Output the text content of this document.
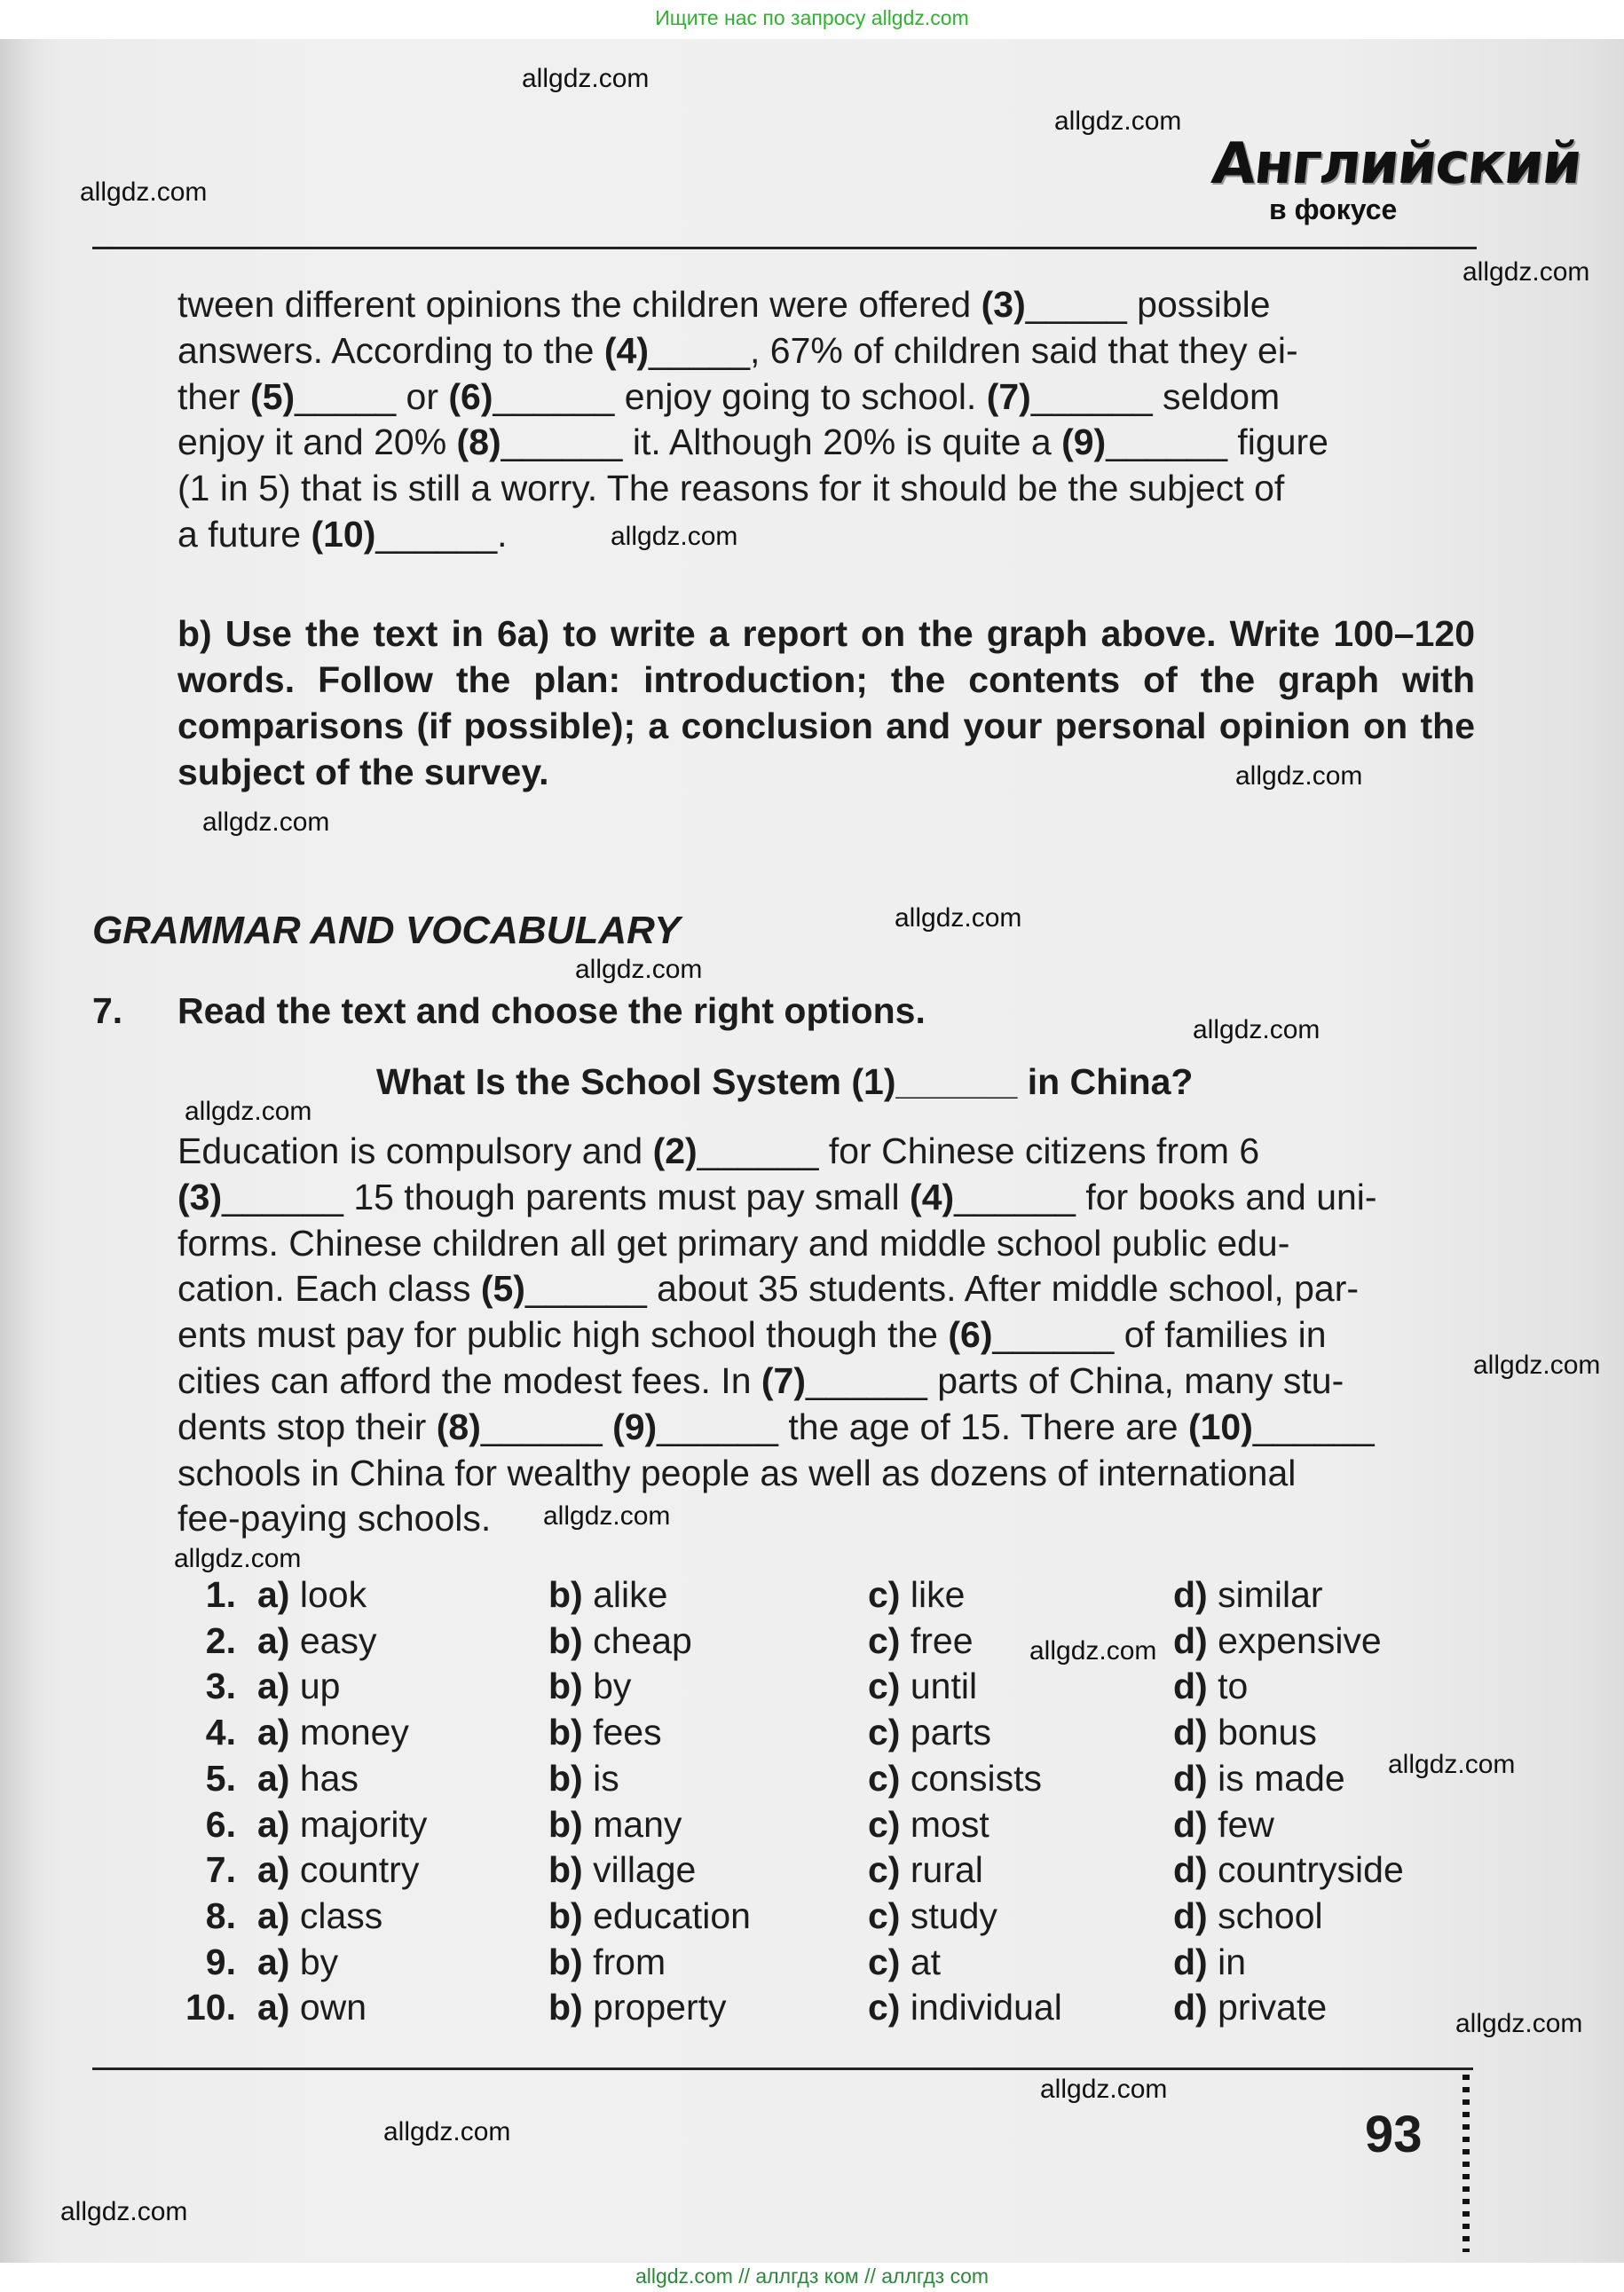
Ищите нас по запросу allgdz.com
allgdz.com
allgdz.com
allgdz.com
allgdz.com
allgdz.com
allgdz.com
allgdz.com
allgdz.com
allgdz.com
allgdz.com
allgdz.com
allgdz.com
allgdz.com
allgdz.com
allgdz.com
allgdz.com
allgdz.com
allgdz.com
allgdz.com
allgdz.com
Английский
в фокусе
tween different opinions the children were offered (3)_____ possible
answers. According to the (4)_____, 67% of children said that they ei-
ther (5)_____ or (6)______ enjoy going to school. (7)______ seldom
enjoy it and 20% (8)______ it. Although 20% is quite a (9)______ figure
(1 in 5) that is still a worry. The reasons for it should be the subject of
a future (10)______.

b) Use the text in 6a) to write a report on the graph above. Write 100–120 words. Follow the plan: introduction; the contents of the graph with comparisons (if possible); a conclusion and your personal opinion on the subject of the survey.

GRAMMAR AND VOCABULARY
7. Read the text and choose the right options.
What Is the School System (1)______ in China?
Education is compulsory and (2)______ for Chinese citizens from 6
(3)______ 15 though parents must pay small (4)______ for books and uni-
forms. Chinese children all get primary and middle school public edu-
cation. Each class (5)______ about 35 students. After middle school, par-
ents must pay for public high school though the (6)______ of families in
cities can afford the modest fees. In (7)______ parts of China, many stu-
dents stop their (8)______ (9)______ the age of 15. There are (10)______
schools in China for wealthy people as well as dozens of international
fee-paying schools.
1. a) look	b) alike	c) like	d) similar
2. a) easy	b) cheap	c) free	d) expensive
3. a) up	b) by	c) until	d) to
4. a) money	b) fees	c) parts	d) bonus
5. a) has	b) is	c) consists	d) is made
6. a) majority	b) many	c) most	d) few
7. a) country	b) village	c) rural	d) countryside
8. a) class	b) education	c) study	d) school
9. a) by	b) from	c) at	d) in
10. a) own	b) property	c) individual	d) private
93
allgdz.com // аллгдз ком // аллгдз com
